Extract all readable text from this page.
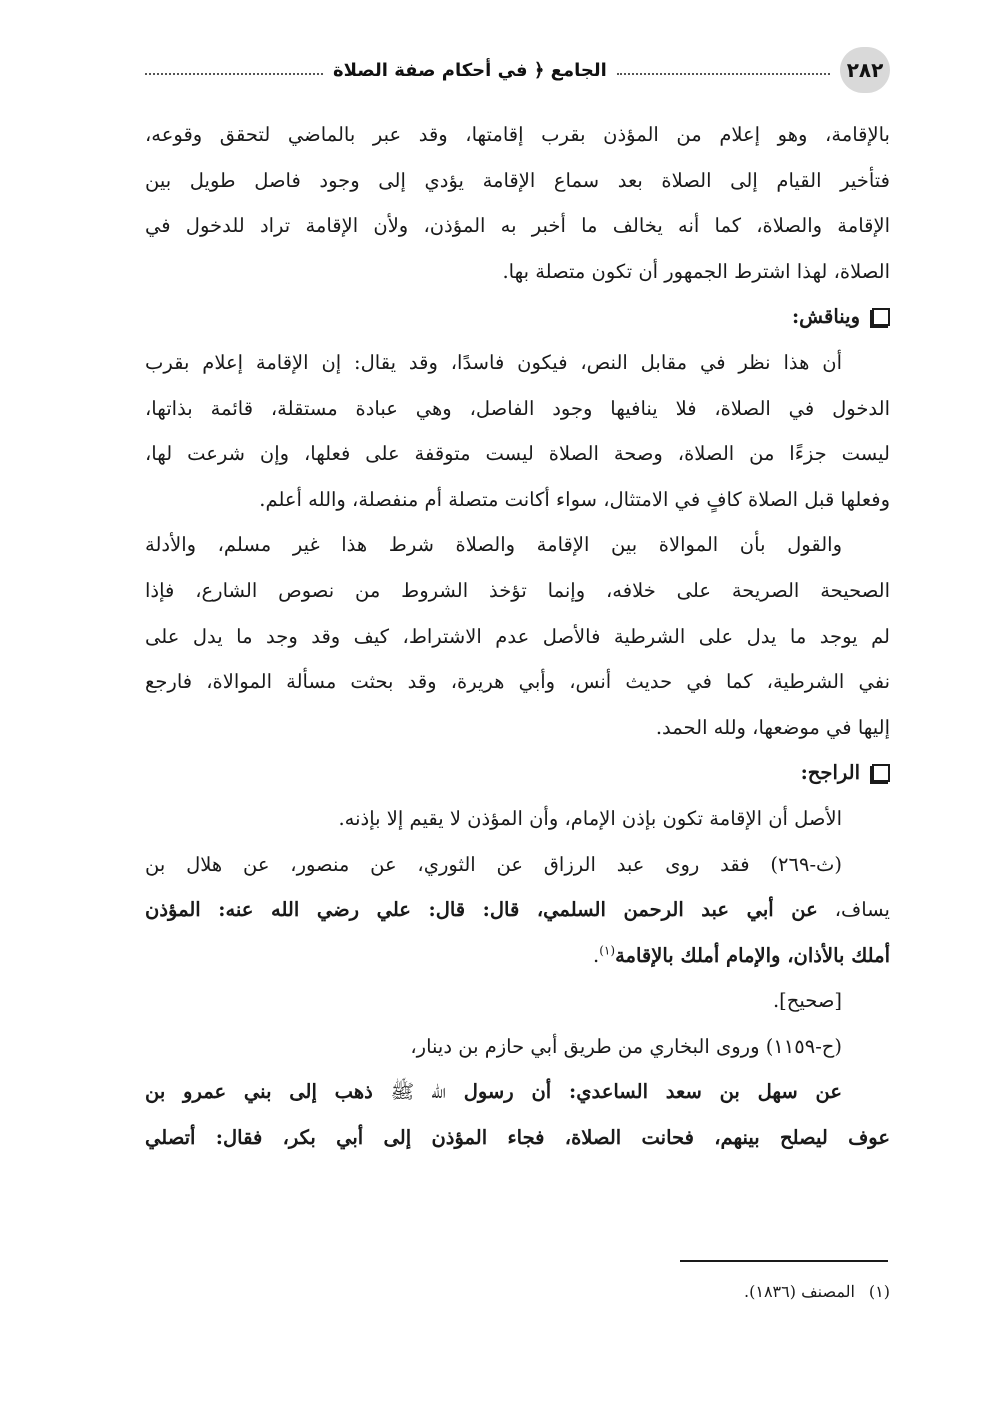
٢٨٢
الجامع ﴿ في أحكام صفة الصلاة
بالإقامة، وهو إعلام من المؤذن بقرب إقامتها، وقد عبر بالماضي لتحقق وقوعه،
فتأخير القيام إلى الصلاة بعد سماع الإقامة يؤدي إلى وجود فاصل طويل بين
الإقامة والصلاة، كما أنه يخالف ما أخبر به المؤذن، ولأن الإقامة تراد للدخول في
الصلاة، لهذا اشترط الجمهور أن تكون متصلة بها.
ويناقش:
أن هذا نظر في مقابل النص، فيكون فاسدًا، وقد يقال: إن الإقامة إعلام بقرب
الدخول في الصلاة، فلا ينافيها وجود الفاصل، وهي عبادة مستقلة، قائمة بذاتها،
ليست جزءًا من الصلاة، وصحة الصلاة ليست متوقفة على فعلها، وإن شرعت لها،
وفعلها قبل الصلاة كافٍ في الامتثال، سواء أكانت متصلة أم منفصلة، والله أعلم.
والقول بأن الموالاة بين الإقامة والصلاة شرط هذا غير مسلم، والأدلة
الصحيحة الصريحة على خلافه، وإنما تؤخذ الشروط من نصوص الشارع، فإذا
لم يوجد ما يدل على الشرطية فالأصل عدم الاشتراط، كيف وقد وجد ما يدل على
نفي الشرطية، كما في حديث أنس، وأبي هريرة، وقد بحثت مسألة الموالاة، فارجع
إليها في موضعها، ولله الحمد.
الراجح:
الأصل أن الإقامة تكون بإذن الإمام، وأن المؤذن لا يقيم إلا بإذنه.
(ث-٢٦٩) فقد روى عبد الرزاق عن الثوري، عن منصور، عن هلال بن
يساف، عن أبي عبد الرحمن السلمي، قال: قال: علي رضي الله عنه: المؤذن
أملك بالأذان، والإمام أملك بالإقامة$^{(١)}$.
[صحيح].
(ح-١١٥٩) وروى البخاري من طريق أبي حازم بن دينار،
عن سهل بن سعد الساعدي: أن رسول الله ﷺ ذهب إلى بني عمرو بن
عوف ليصلح بينهم، فحانت الصلاة، فجاء المؤذن إلى أبي بكر، فقال: أتصلي
(١)المصنف (١٨٣٦).
